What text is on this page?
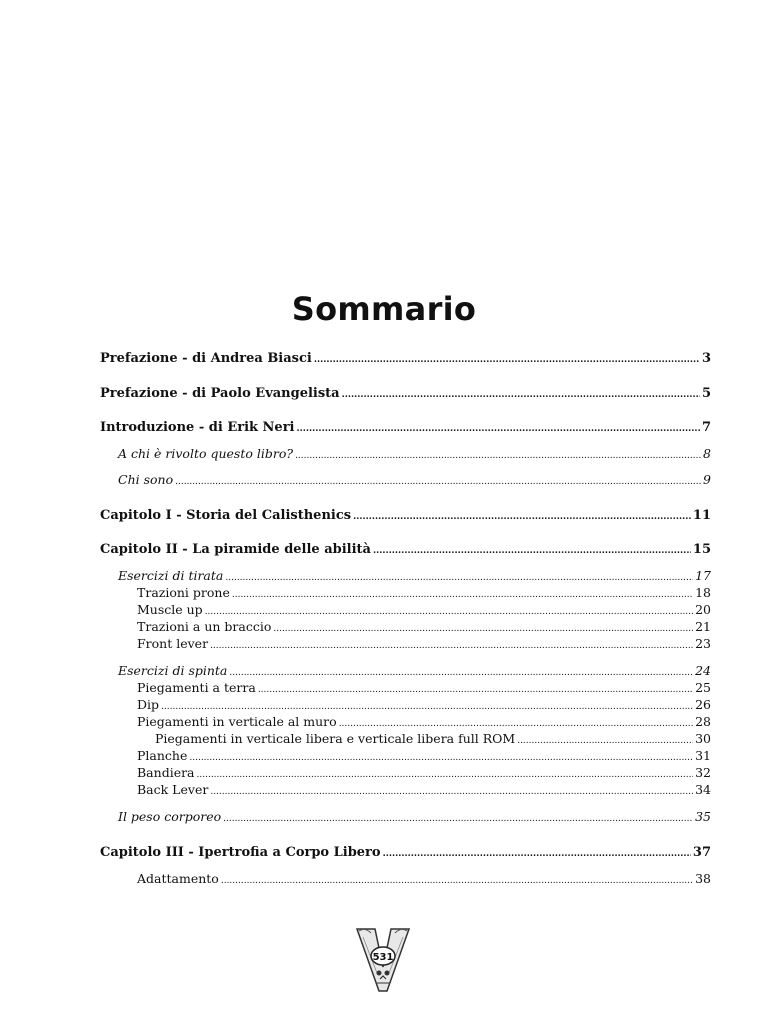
Sommario
Prefazione - di Andrea Biasci .....	3
Prefazione - di Paolo Evangelista .....	5
Introduzione - di Erik Neri .....	7
A chi è rivolto questo libro? .....	8
Chi sono .....	9
Capitolo I - Storia del Calisthenics .....	11
Capitolo II - La piramide delle abilità .....	15
Esercizi di tirata .....	17
Trazioni prone .....	18
Muscle up .....	20
Trazioni a un braccio .....	21
Front lever .....	23
Esercizi di spinta .....	24
Piegamenti a terra .....	25
Dip .....	26
Piegamenti in verticale al muro .....	28
Piegamenti in verticale libera e verticale libera full ROM .....	30
Planche .....	31
Bandiera .....	32
Back Lever .....	34
Il peso corporeo .....	35
Capitolo III - Ipertrofia a Corpo Libero .....	37
Adattamento .....	38
531
